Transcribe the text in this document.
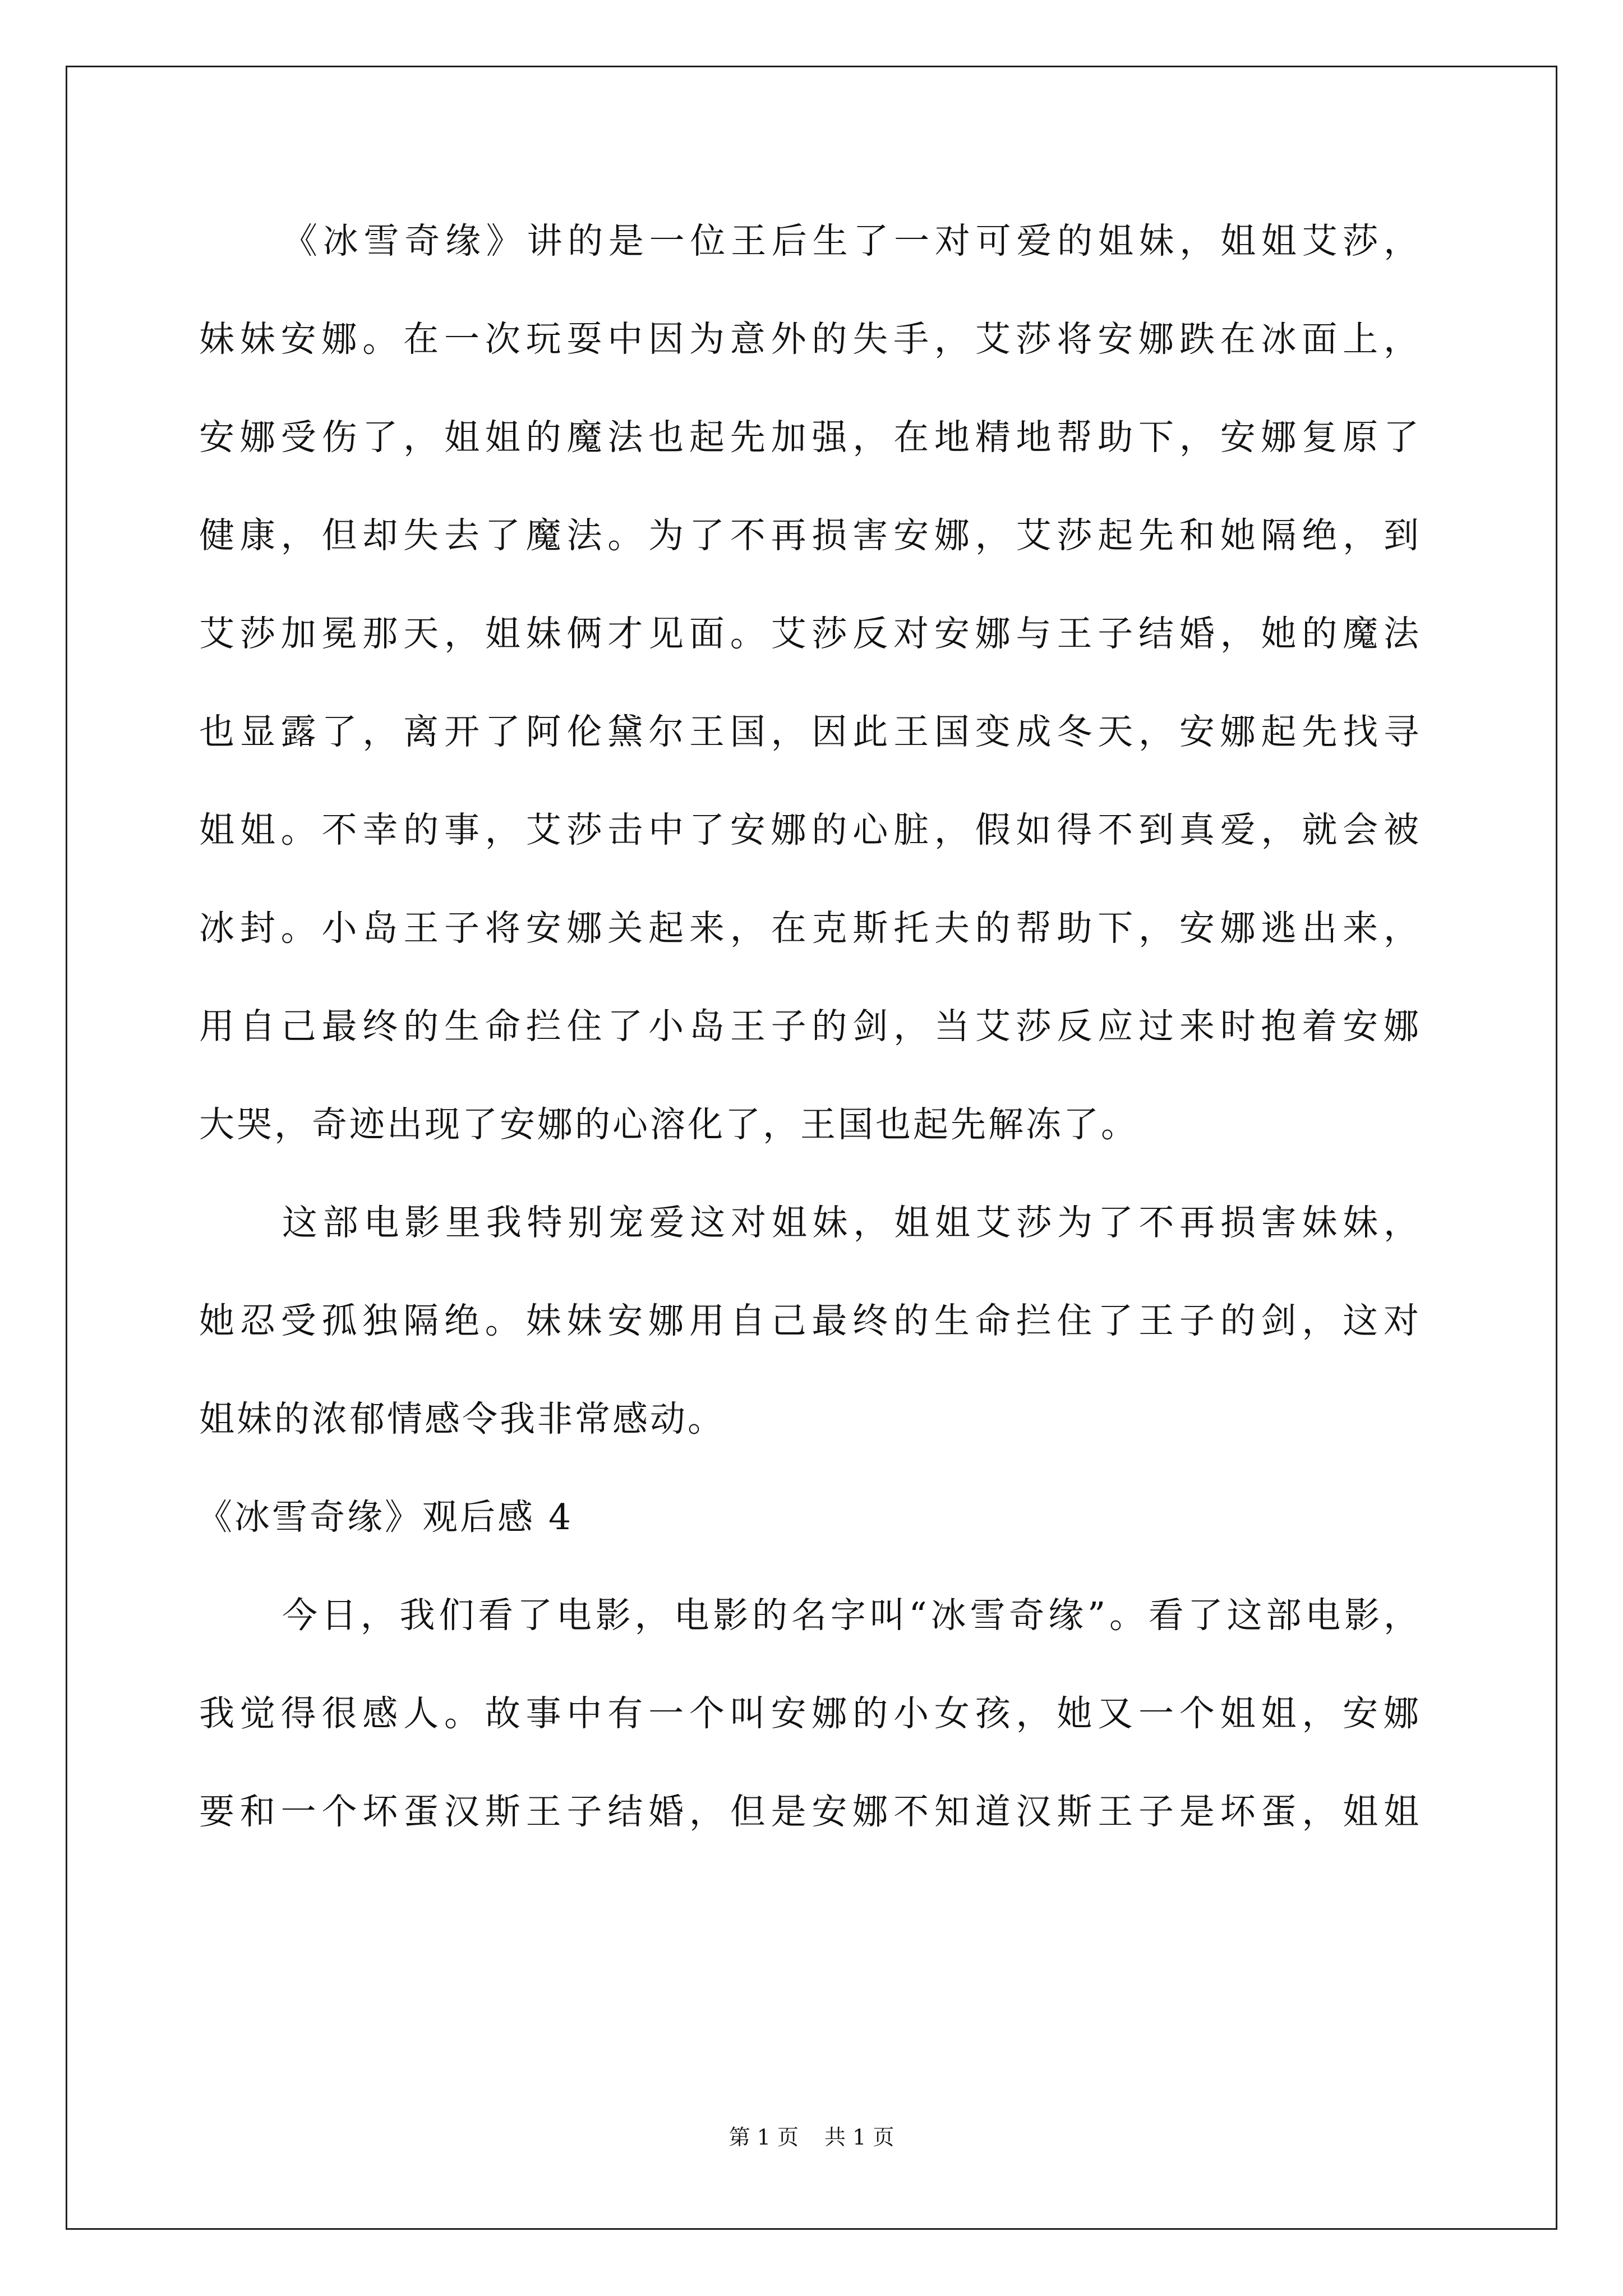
《冰雪奇缘》讲的是一位王后生了一对可爱的姐妹，姐姐艾莎，
妹妹安娜。在一次玩耍中因为意外的失手，艾莎将安娜跌在冰面上，
安娜受伤了，姐姐的魔法也起先加强，在地精地帮助下，安娜复原了
健康，但却失去了魔法。为了不再损害安娜，艾莎起先和她隔绝，到
艾莎加冕那天，姐妹俩才见面。艾莎反对安娜与王子结婚，她的魔法
也显露了，离开了阿伦黛尔王国，因此王国变成冬天，安娜起先找寻
姐姐。不幸的事，艾莎击中了安娜的心脏，假如得不到真爱，就会被
冰封。小岛王子将安娜关起来，在克斯托夫的帮助下，安娜逃出来，
用自己最终的生命拦住了小岛王子的剑，当艾莎反应过来时抱着安娜
大哭，奇迹出现了安娜的心溶化了，王国也起先解冻了。
这部电影里我特别宠爱这对姐妹，姐姐艾莎为了不再损害妹妹，
她忍受孤独隔绝。妹妹安娜用自己最终的生命拦住了王子的剑，这对
姐妹的浓郁情感令我非常感动。
《冰雪奇缘》观后感 4
今日，我们看了电影，电影的名字叫“冰雪奇缘”。看了这部电影，
我觉得很感人。故事中有一个叫安娜的小女孩，她又一个姐姐，安娜
要和一个坏蛋汉斯王子结婚，但是安娜不知道汉斯王子是坏蛋，姐姐
第 1 页 共 1 页
